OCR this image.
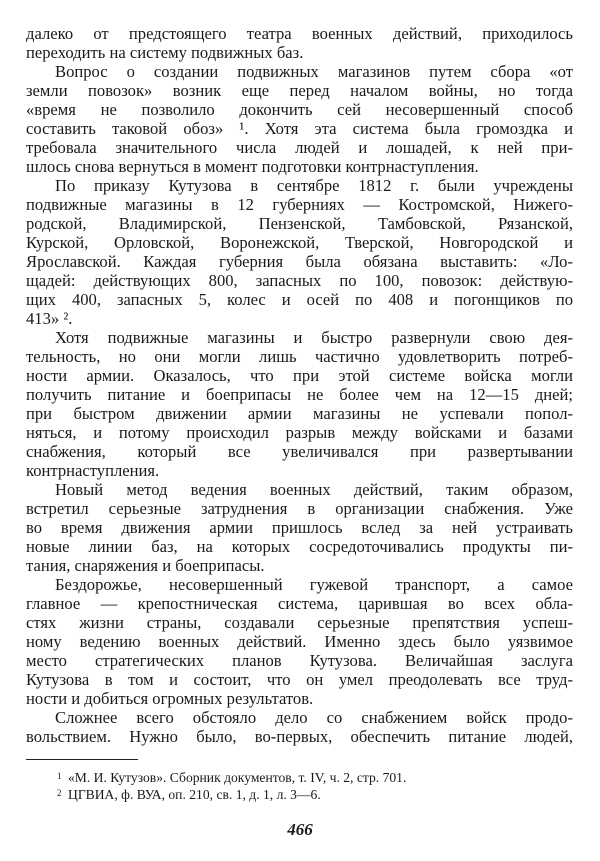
далеко от предстоящего театра военных действий, приходилось
переходить на систему подвижных баз.
Вопрос о создании подвижных магазинов путем сбора «от
земли повозок» возник еще перед началом войны, но тогда
«время не позволило докончить сей несовершенный способ
составить таковой обоз» ¹. Хотя эта система была громоздка и
требовала значительного числа людей и лошадей, к ней при-
шлось снова вернуться в момент подготовки контрнаступления.
По приказу Кутузова в сентябре 1812 г. были учреждены
подвижные магазины в 12 губерниях — Костромской, Нижего-
родской, Владимирской, Пензенской, Тамбовской, Рязанской,
Курской, Орловской, Воронежской, Тверской, Новгородской и
Ярославской. Каждая губерния была обязана выставить: «Ло-
щадей: действующих 800, запасных по 100, повозок: действую-
щих 400, запасных 5, колес и осей по 408 и погонщиков по
413» ².
Хотя подвижные магазины и быстро развернули свою дея-
тельность, но они могли лишь частично удовлетворить потреб-
ности армии. Оказалось, что при этой системе войска могли
получить питание и боеприпасы не более чем на 12—15 дней;
при быстром движении армии магазины не успевали попол-
няться, и потому происходил разрыв между войсками и базами
снабжения, который все увеличивался при развертывании
контрнаступления.
Новый метод ведения военных действий, таким образом,
встретил серьезные затруднения в организации снабжения. Уже
во время движения армии пришлось вслед за ней устраивать
новые линии баз, на которых сосредоточивались продукты пи-
тания, снаряжения и боеприпасы.
Бездорожье, несовершенный гужевой транспорт, а самое
главное — крепостническая система, царившая во всех обла-
стях жизни страны, создавали серьезные препятствия успеш-
ному ведению военных действий. Именно здесь было уязвимое
место стратегических планов Кутузова. Величайшая заслуга
Кутузова в том и состоит, что он умел преодолевать все труд-
ности и добиться огромных результатов.
Сложнее всего обстояло дело со снабжением войск продо-
вольствием. Нужно было, во-первых, обеспечить питание людей,
1 «М. И. Кутузов». Сборник документов, т. IV, ч. 2, стр. 701.
2 ЦГВИА, ф. ВУА, оп. 210, св. 1, д. 1, л. 3—6.
466
